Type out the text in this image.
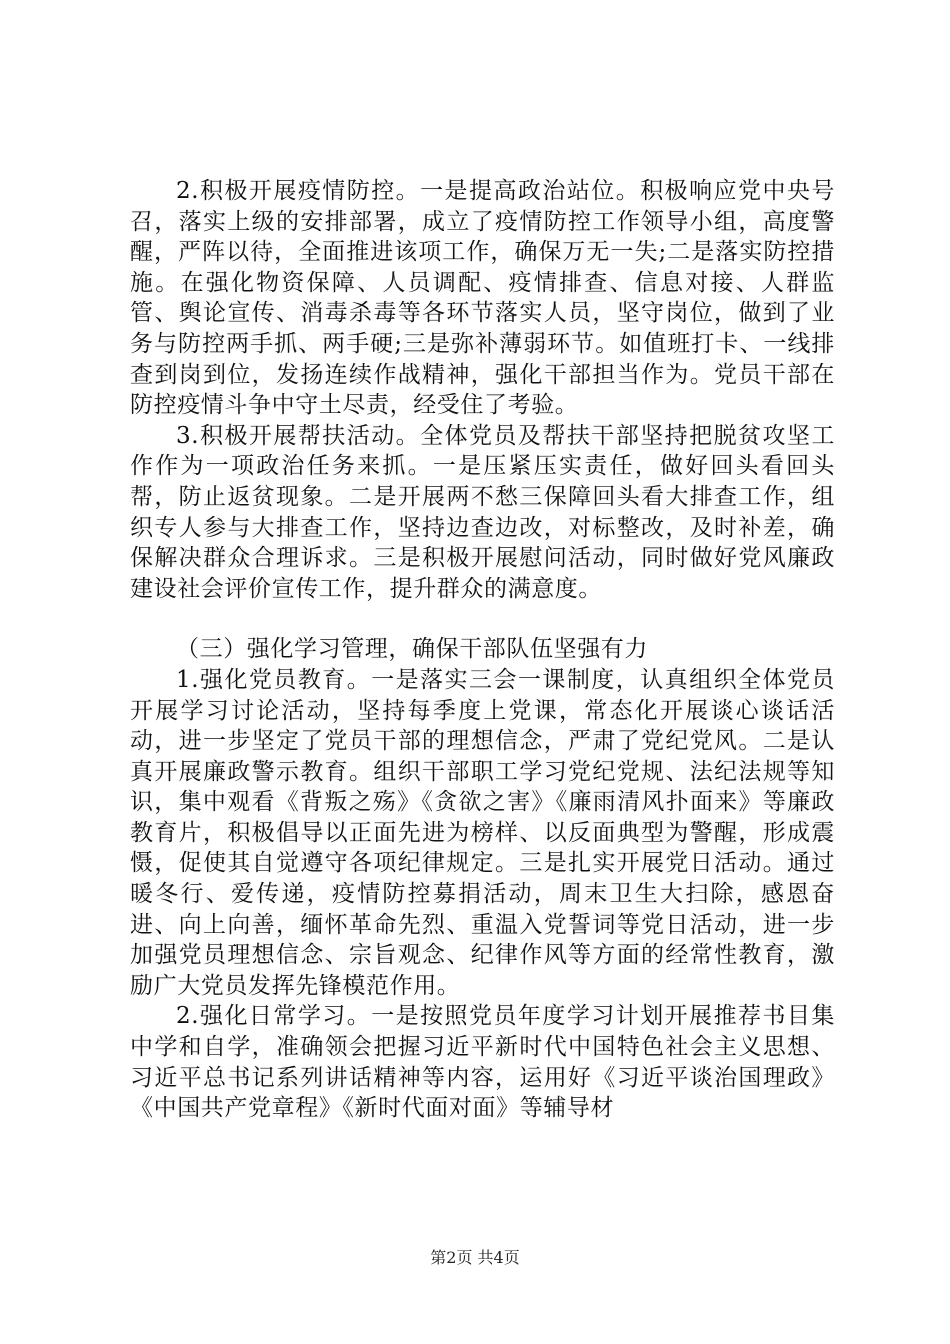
2.积极开展疫情防控。一是提高政治站位。积极响应党中央号召，落实上级的安排部署，成立了疫情防控工作领导小组，高度警醒，严阵以待，全面推进该项工作，确保万无一失;二是落实防控措施。在强化物资保障、人员调配、疫情排查、信息对接、人群监管、舆论宣传、消毒杀毒等各环节落实人员，坚守岗位，做到了业务与防控两手抓、两手硬;三是弥补薄弱环节。如值班打卡、一线排查到岗到位，发扬连续作战精神，强化干部担当作为。党员干部在防控疫情斗争中守土尽责，经受住了考验。

3.积极开展帮扶活动。全体党员及帮扶干部坚持把脱贫攻坚工作作为一项政治任务来抓。一是压紧压实责任，做好回头看回头帮，防止返贫现象。二是开展两不愁三保障回头看大排查工作，组织专人参与大排查工作，坚持边查边改，对标整改，及时补差，确保解决群众合理诉求。三是积极开展慰问活动，同时做好党风廉政建设社会评价宣传工作，提升群众的满意度。

（三）强化学习管理，确保干部队伍坚强有力

1.强化党员教育。一是落实三会一课制度，认真组织全体党员开展学习讨论活动，坚持每季度上党课，常态化开展谈心谈话活动，进一步坚定了党员干部的理想信念，严肃了党纪党风。二是认真开展廉政警示教育。组织干部职工学习党纪党规、法纪法规等知识，集中观看《背叛之殇》《贪欲之害》《廉雨清风扑面来》等廉政教育片，积极倡导以正面先进为榜样、以反面典型为警醒，形成震慑，促使其自觉遵守各项纪律规定。三是扎实开展党日活动。通过暖冬行、爱传递，疫情防控募捐活动，周末卫生大扫除，感恩奋进、向上向善，缅怀革命先烈、重温入党誓词等党日活动，进一步加强党员理想信念、宗旨观念、纪律作风等方面的经常性教育，激励广大党员发挥先锋模范作用。

2.强化日常学习。一是按照党员年度学习计划开展推荐书目集中学和自学，准确领会把握习近平新时代中国特色社会主义思想、习近平总书记系列讲话精神等内容，运用好《习近平谈治国理政》《中国共产党章程》《新时代面对面》等辅导材

第2页 共4页
